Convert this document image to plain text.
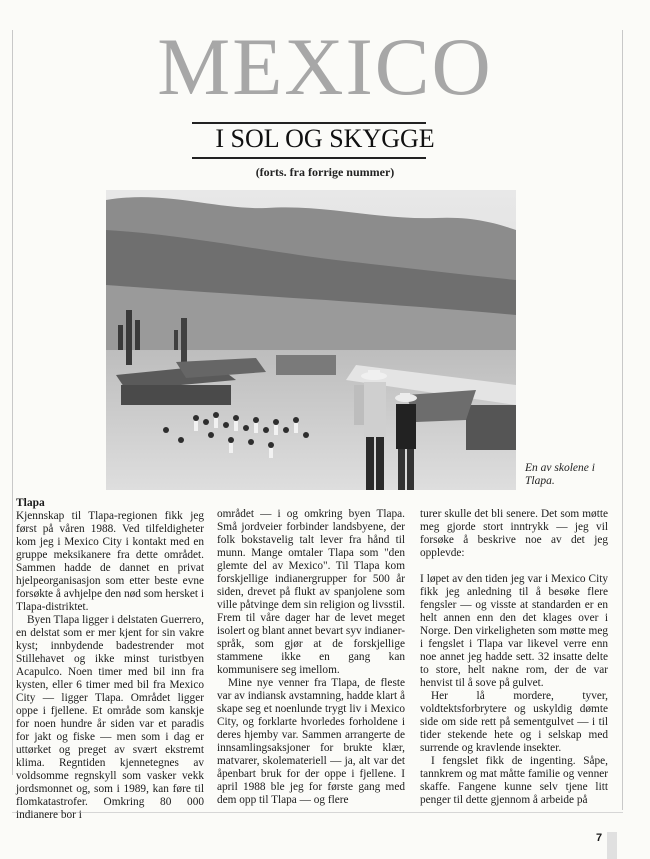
MEXICO
I SOL OG SKYGGE
(forts. fra forrige nummer)
En av skolene i Tlapa.

Tlapa

Kjennskap til Tlapa-regionen fikk jeg først på våren 1988. Ved tilfeldigheter kom jeg i Mexico City i kontakt med en gruppe meksikanere fra dette området. Sammen hadde de dannet en privat hjelpeorganisasjon som etter beste evne forsøkte å avhjelpe den nød som hersket i Tlapa-distriktet.

Byen Tlapa ligger i delstaten Guerrero, en delstat som er mer kjent for sin vakre kyst; innbydende badestrender mot Stillehavet og ikke minst turistbyen Acapulco. Noen timer med bil inn fra kysten, eller 6 timer med bil fra Mexico City — ligger Tlapa. Området ligger oppe i fjellene. Et område som kanskje for noen hundre år siden var et paradis for jakt og fiske — men som i dag er uttørket og preget av svært ekstremt klima. Regntiden kjennetegnes av voldsomme regnskyll som vasker vekk jordsmonnet og, som i 1989, kan føre til flomkatastrofer. Omkring 80 000 indianere bor i

området — i og omkring byen Tlapa. Små jordveier forbinder landsbyene, der folk bokstavelig talt lever fra hånd til munn. Mange omtaler Tlapa som "den glemte del av Mexico". Til Tlapa kom forskjellige indianergrupper for 500 år siden, drevet på flukt av spanjolene som ville påtvinge dem sin religion og livsstil. Frem til våre dager har de levet meget isolert og blant annet bevart syv indianer-språk, som gjør at de forskjellige stammene ikke en gang kan kommunisere seg imellom.

Mine nye venner fra Tlapa, de fleste var av indiansk avstamning, hadde klart å skape seg et noenlunde trygt liv i Mexico City, og forklarte hvorledes forholdene i deres hjemby var. Sammen arrangerte de innsamlingsaksjoner for brukte klær, matvarer, skolemateriell — ja, alt var det åpenbart bruk for der oppe i fjellene. I april 1988 ble jeg for første gang med dem opp til Tlapa — og flere

turer skulle det bli senere. Det som møtte meg gjorde stort inntrykk — jeg vil forsøke å beskrive noe av det jeg opplevde:

I løpet av den tiden jeg var i Mexico City fikk jeg anledning til å besøke flere fengsler — og visste at standarden er en helt annen enn den det klages over i Norge. Den virkeligheten som møtte meg i fengslet i Tlapa var likevel verre enn noe annet jeg hadde sett. 32 insatte delte to store, helt nakne rom, der de var henvist til å sove på gulvet.

Her lå mordere, tyver, voldtektsforbrytere og uskyldig dømte side om side rett på sementgulvet — i til tider stekende hete og i selskap med surrende og kravlende insekter.

I fengslet fikk de ingenting. Såpe, tannkrem og mat måtte familie og venner skaffe. Fangene kunne selv tjene litt penger til dette gjennom å arbeide på

7
